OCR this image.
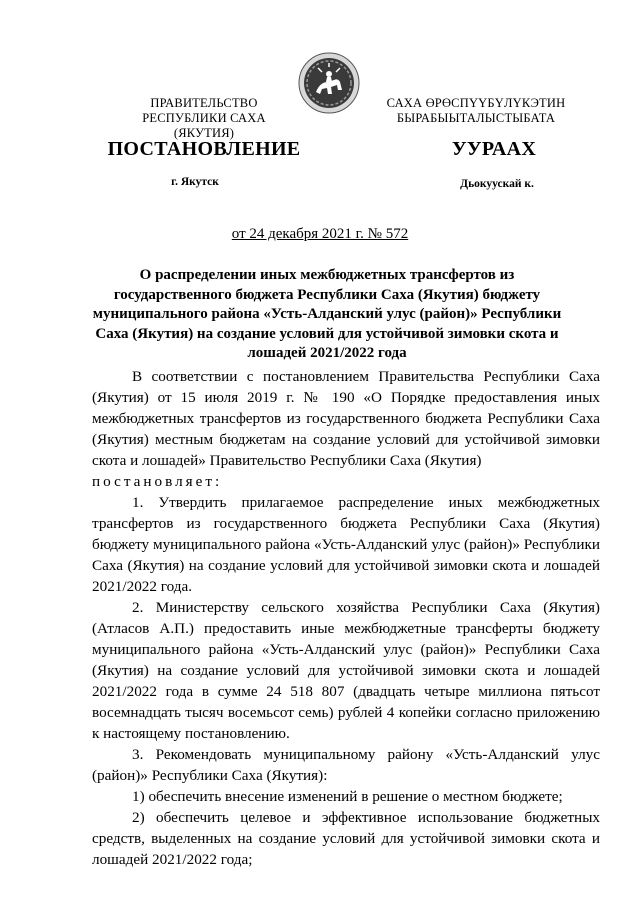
ПРАВИТЕЛЬСТВО
РЕСПУБЛИКИ САХА (ЯКУТИЯ)
САХА ӨРӨСПҮҮБҮЛҮКЭТИН
БЫРАБЫЫТАЛЫСТЫБАТА
ПОСТАНОВЛЕНИЕ	УУРААХ
г. Якутск	Дьокуускай к.
от 24 декабря 2021 г. № 572
О распределении иных межбюджетных трансфертов из государственного бюджета Республики Саха (Якутия) бюджету муниципального района «Усть-Алданский улус (район)» Республики Саха (Якутия) на создание условий для устойчивой зимовки скота и лошадей 2021/2022 года

В соответствии с постановлением Правительства Республики Саха (Якутия) от 15 июля 2019 г. № 190 «О Порядке предоставления иных межбюджетных трансфертов из государственного бюджета Республики Саха (Якутия) местным бюджетам на создание условий для устойчивой зимовки скота и лошадей» Правительство Республики Саха (Якутия)

постановляет:

1. Утвердить прилагаемое распределение иных межбюджетных трансфертов из государственного бюджета Республики Саха (Якутия) бюджету муниципального района «Усть-Алданский улус (район)» Республики Саха (Якутия) на создание условий для устойчивой зимовки скота и лошадей 2021/2022 года.

2. Министерству сельского хозяйства Республики Саха (Якутия) (Атласов А.П.) предоставить иные межбюджетные трансферты бюджету муниципального района «Усть-Алданский улус (район)» Республики Саха (Якутия) на создание условий для устойчивой зимовки скота и лошадей 2021/2022 года в сумме 24 518 807 (двадцать четыре миллиона пятьсот восемнадцать тысяч восемьсот семь) рублей 4 копейки согласно приложению к настоящему постановлению.

3. Рекомендовать муниципальному району «Усть-Алданский улус (район)» Республики Саха (Якутия):

1) обеспечить внесение изменений в решение о местном бюджете;

2) обеспечить целевое и эффективное использование бюджетных средств, выделенных на создание условий для устойчивой зимовки скота и лошадей 2021/2022 года;
